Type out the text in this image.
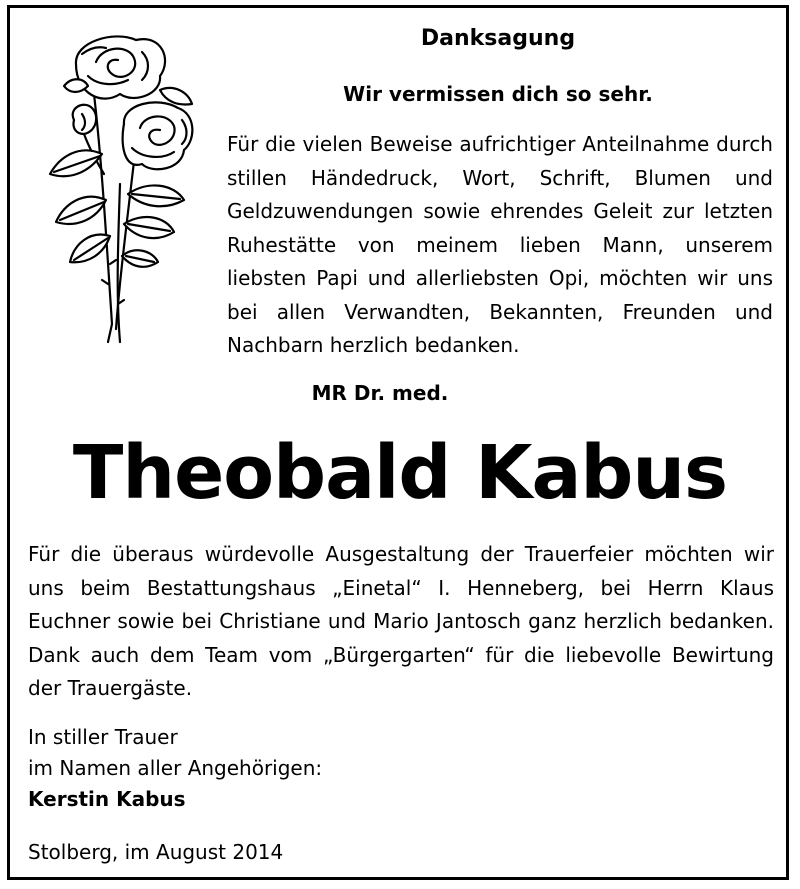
Danksagung
Wir vermissen dich so sehr.
Für die vielen Beweise aufrichtiger Anteilnahme durch stillen Händedruck, Wort, Schrift, Blumen und Geldzuwendungen sowie ehrendes Geleit zur letzten Ruhestätte von meinem lieben Mann, unserem liebsten Papi und allerliebsten Opi, möchten wir uns bei allen Verwandten, Bekannten, Freunden und Nachbarn herzlich bedanken.
MR Dr. med.
Theobald Kabus
Für die überaus würdevolle Ausgestaltung der Trauerfeier möchten wir uns beim Bestattungshaus „Einetal“ I. Henneberg, bei Herrn Klaus Euchner sowie bei Christiane und Mario Jantosch ganz herzlich bedanken. Dank auch dem Team vom „Bürgergarten“ für die liebevolle Bewirtung der Trauergäste.
In stiller Trauer
im Namen aller Angehörigen:
Kerstin Kabus
Stolberg, im August 2014
